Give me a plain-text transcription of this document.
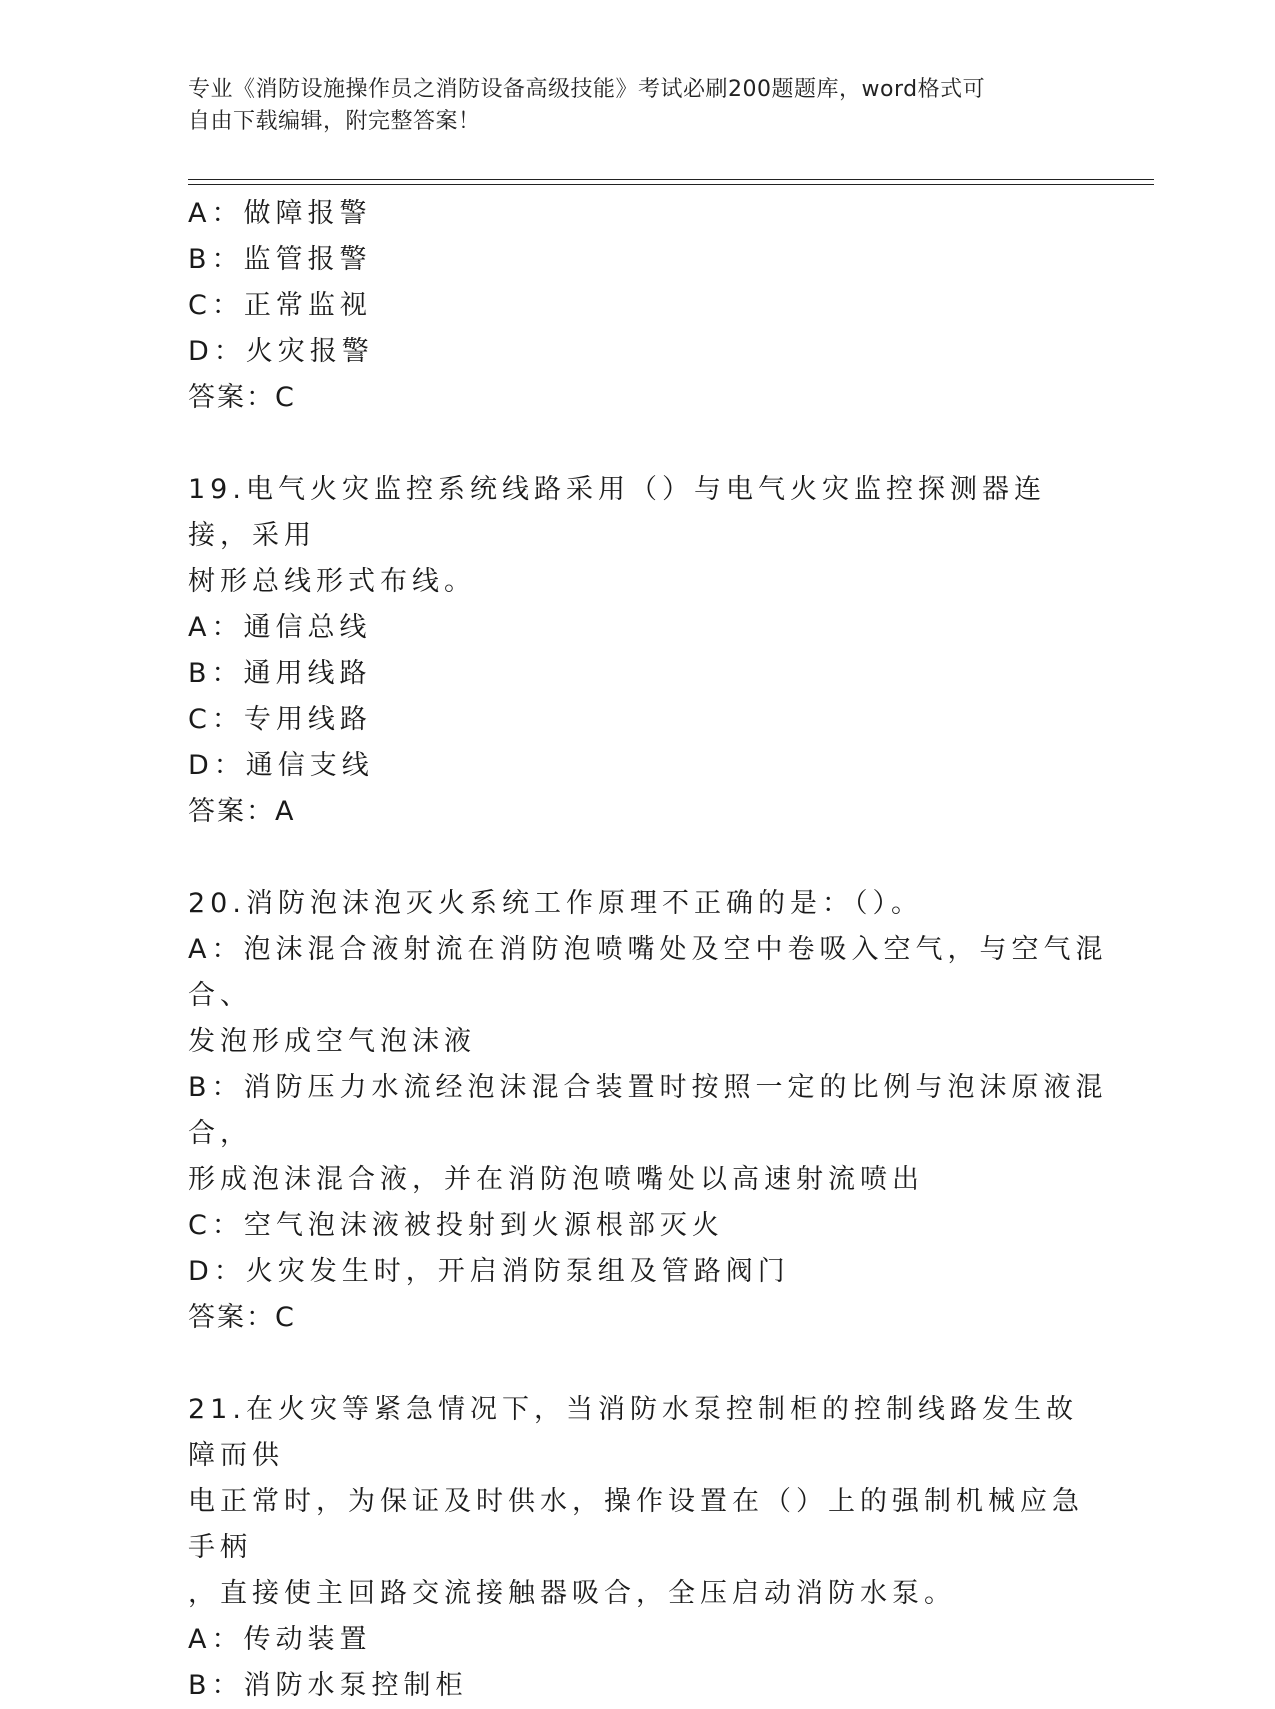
专业《消防设施操作员之消防设备高级技能》考试必刷200题题库，word格式可
自由下载编辑，附完整答案！

A：做障报警

B：监管报警

C：正常监视

D：火灾报警

答案：C

19.电气火灾监控系统线路采用（）与电气火灾监控探测器连接，采用

树形总线形式布线。

A：通信总线

B：通用线路

C：专用线路

D：通信支线

答案：A

20.消防泡沫泡灭火系统工作原理不正确的是：（）。

A：泡沫混合液射流在消防泡喷嘴处及空中卷吸入空气，与空气混合、

发泡形成空气泡沫液

B：消防压力水流经泡沫混合装置时按照一定的比例与泡沫原液混合，

形成泡沫混合液，并在消防泡喷嘴处以高速射流喷出

C：空气泡沫液被投射到火源根部灭火

D：火灾发生时，开启消防泵组及管路阀门

答案：C

21.在火灾等紧急情况下，当消防水泵控制柜的控制线路发生故障而供

电正常时，为保证及时供水，操作设置在（）上的强制机械应急手柄

，直接使主回路交流接触器吸合，全压启动消防水泵。

A：传动装置

B：消防水泵控制柜
